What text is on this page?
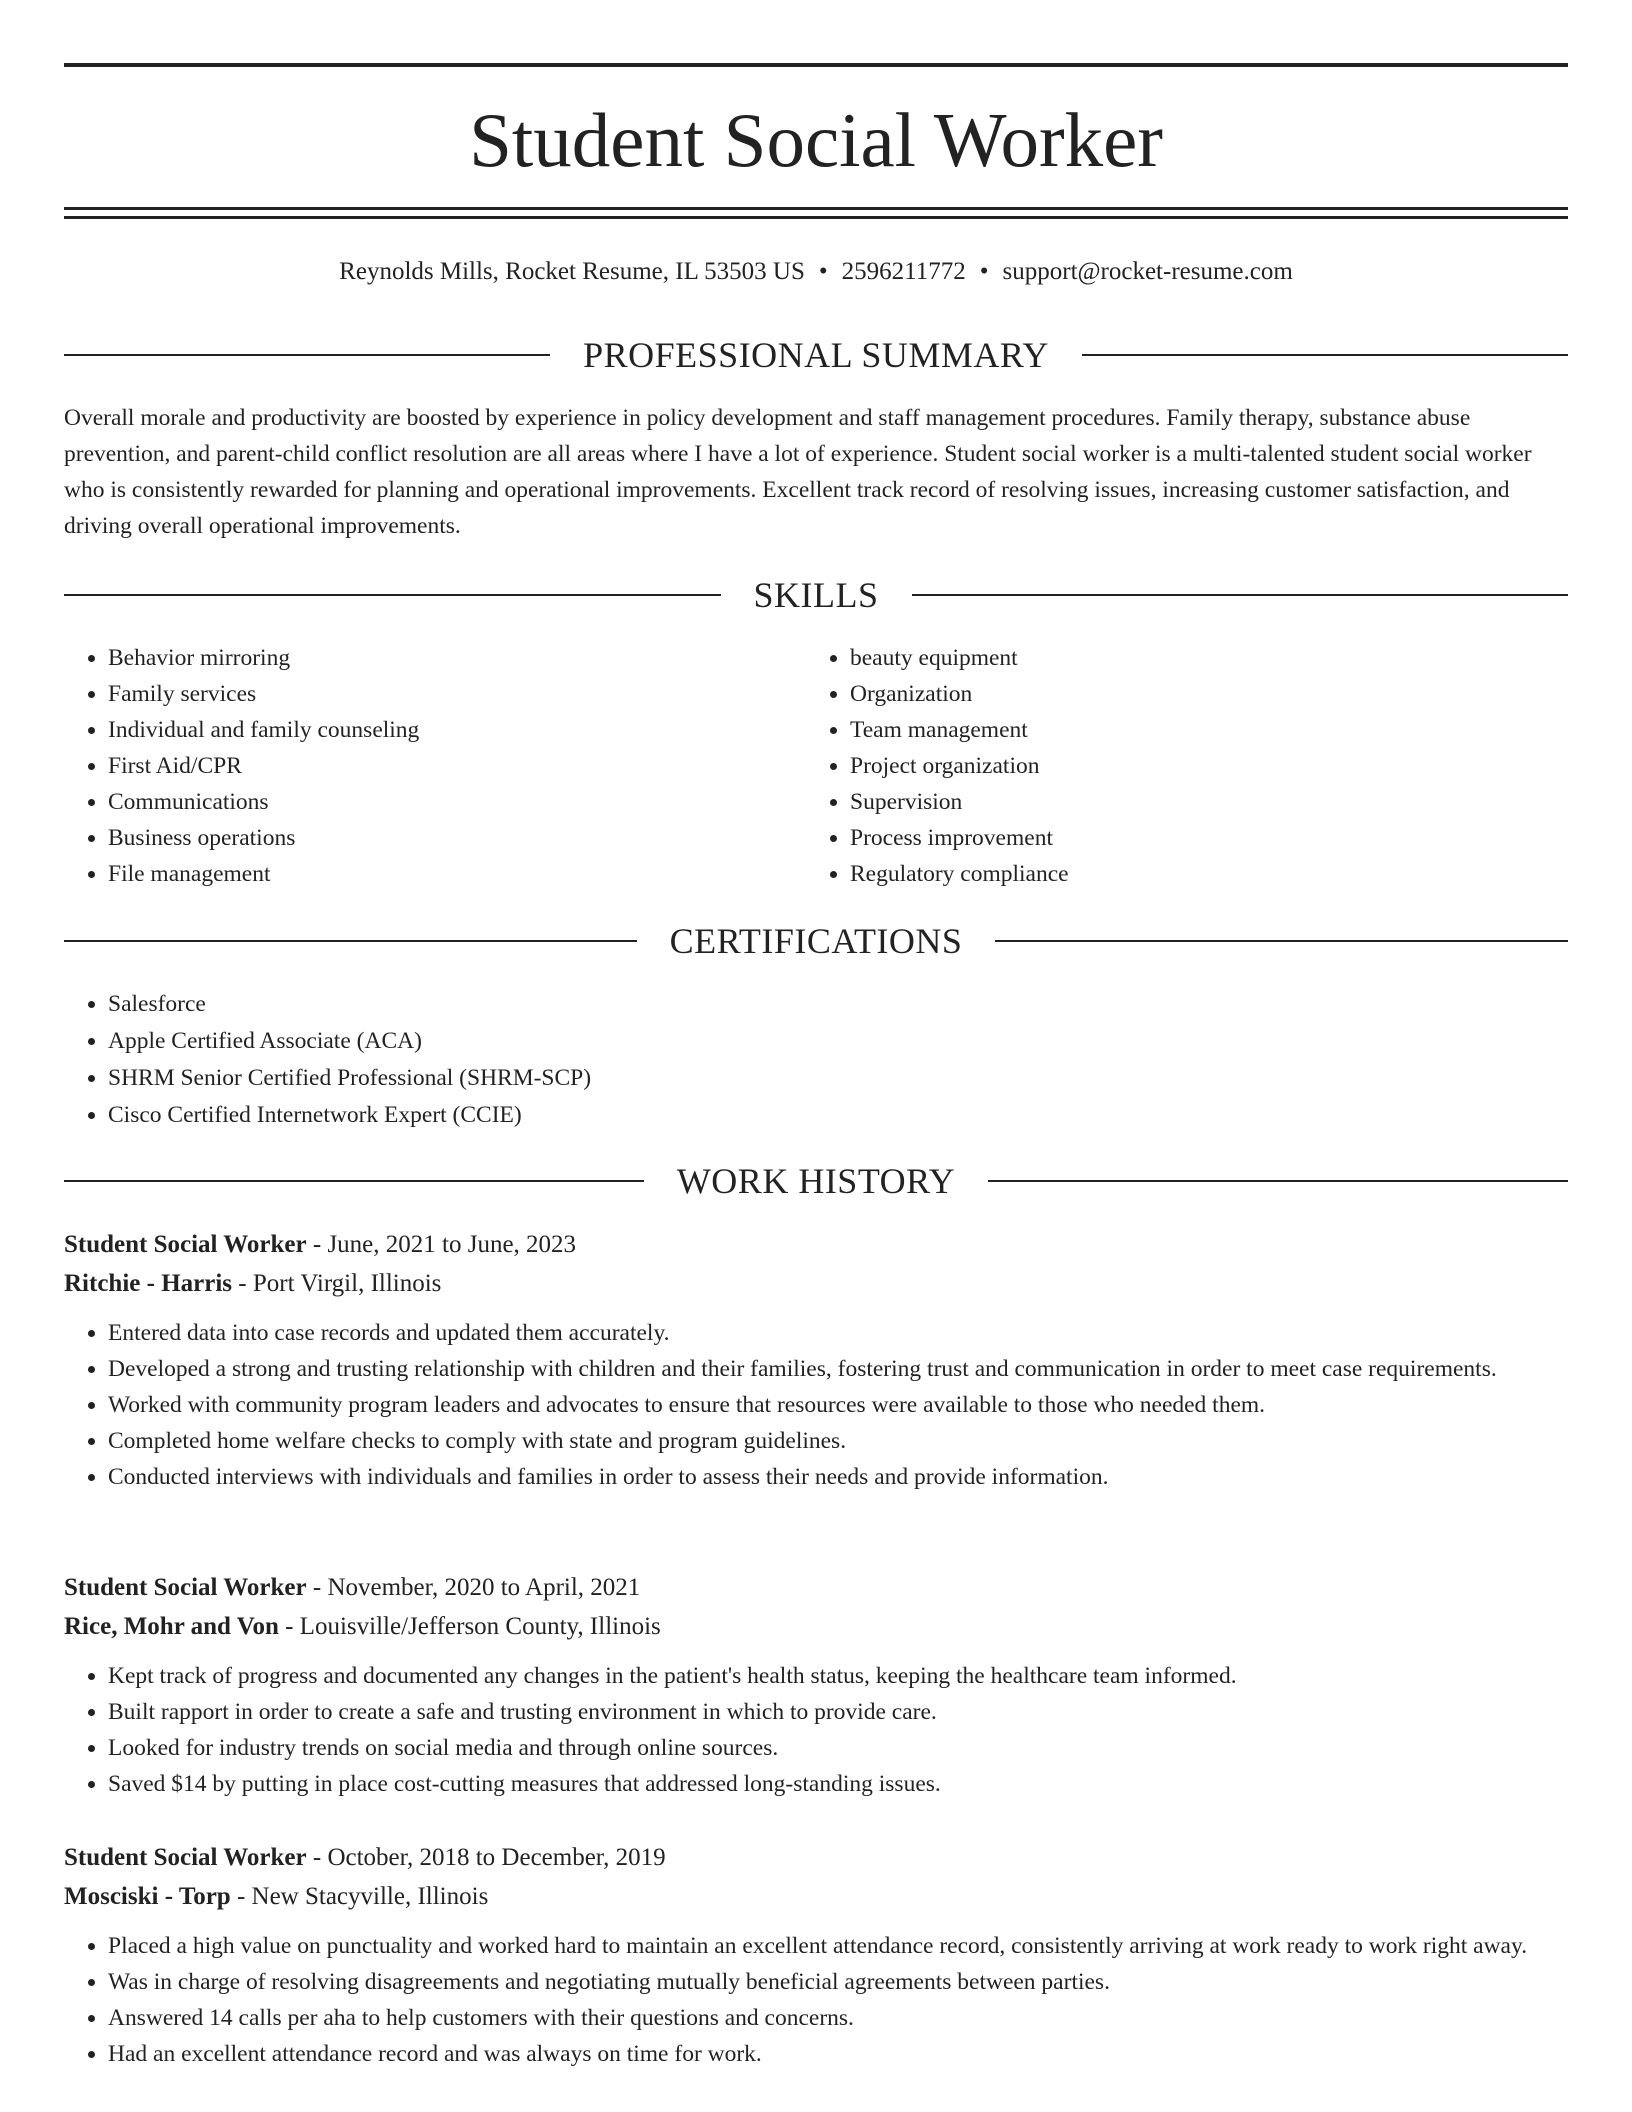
Student Social Worker
Reynolds Mills, Rocket Resume, IL 53503 US • 2596211772 • support@rocket-resume.com
PROFESSIONAL SUMMARY

Overall morale and productivity are boosted by experience in policy development and staff management procedures. Family therapy, substance abuse prevention, and parent-child conflict resolution are all areas where I have a lot of experience. Student social worker is a multi-talented student social worker who is consistently rewarded for planning and operational improvements. Excellent track record of resolving issues, increasing customer satisfaction, and driving overall operational improvements.

SKILLS
• Behavior mirroring
• Family services
• Individual and family counseling
• First Aid/CPR
• Communications
• Business operations
• File management
• beauty equipment
• Organization
• Team management
• Project organization
• Supervision
• Process improvement
• Regulatory compliance
CERTIFICATIONS
• Salesforce
• Apple Certified Associate (ACA)
• SHRM Senior Certified Professional (SHRM-SCP)
• Cisco Certified Internetwork Expert (CCIE)
WORK HISTORY
Student Social Worker - June, 2021 to June, 2023
Ritchie - Harris - Port Virgil, Illinois
• Entered data into case records and updated them accurately.
• Developed a strong and trusting relationship with children and their families, fostering trust and communication in order to meet case requirements.
• Worked with community program leaders and advocates to ensure that resources were available to those who needed them.
• Completed home welfare checks to comply with state and program guidelines.
• Conducted interviews with individuals and families in order to assess their needs and provide information.
Student Social Worker - November, 2020 to April, 2021
Rice, Mohr and Von - Louisville/Jefferson County, Illinois
• Kept track of progress and documented any changes in the patient's health status, keeping the healthcare team informed.
• Built rapport in order to create a safe and trusting environment in which to provide care.
• Looked for industry trends on social media and through online sources.
• Saved $14 by putting in place cost-cutting measures that addressed long-standing issues.
Student Social Worker - October, 2018 to December, 2019
Mosciski - Torp - New Stacyville, Illinois
• Placed a high value on punctuality and worked hard to maintain an excellent attendance record, consistently arriving at work ready to work right away.
• Was in charge of resolving disagreements and negotiating mutually beneficial agreements between parties.
• Answered 14 calls per aha to help customers with their questions and concerns.
• Had an excellent attendance record and was always on time for work.
